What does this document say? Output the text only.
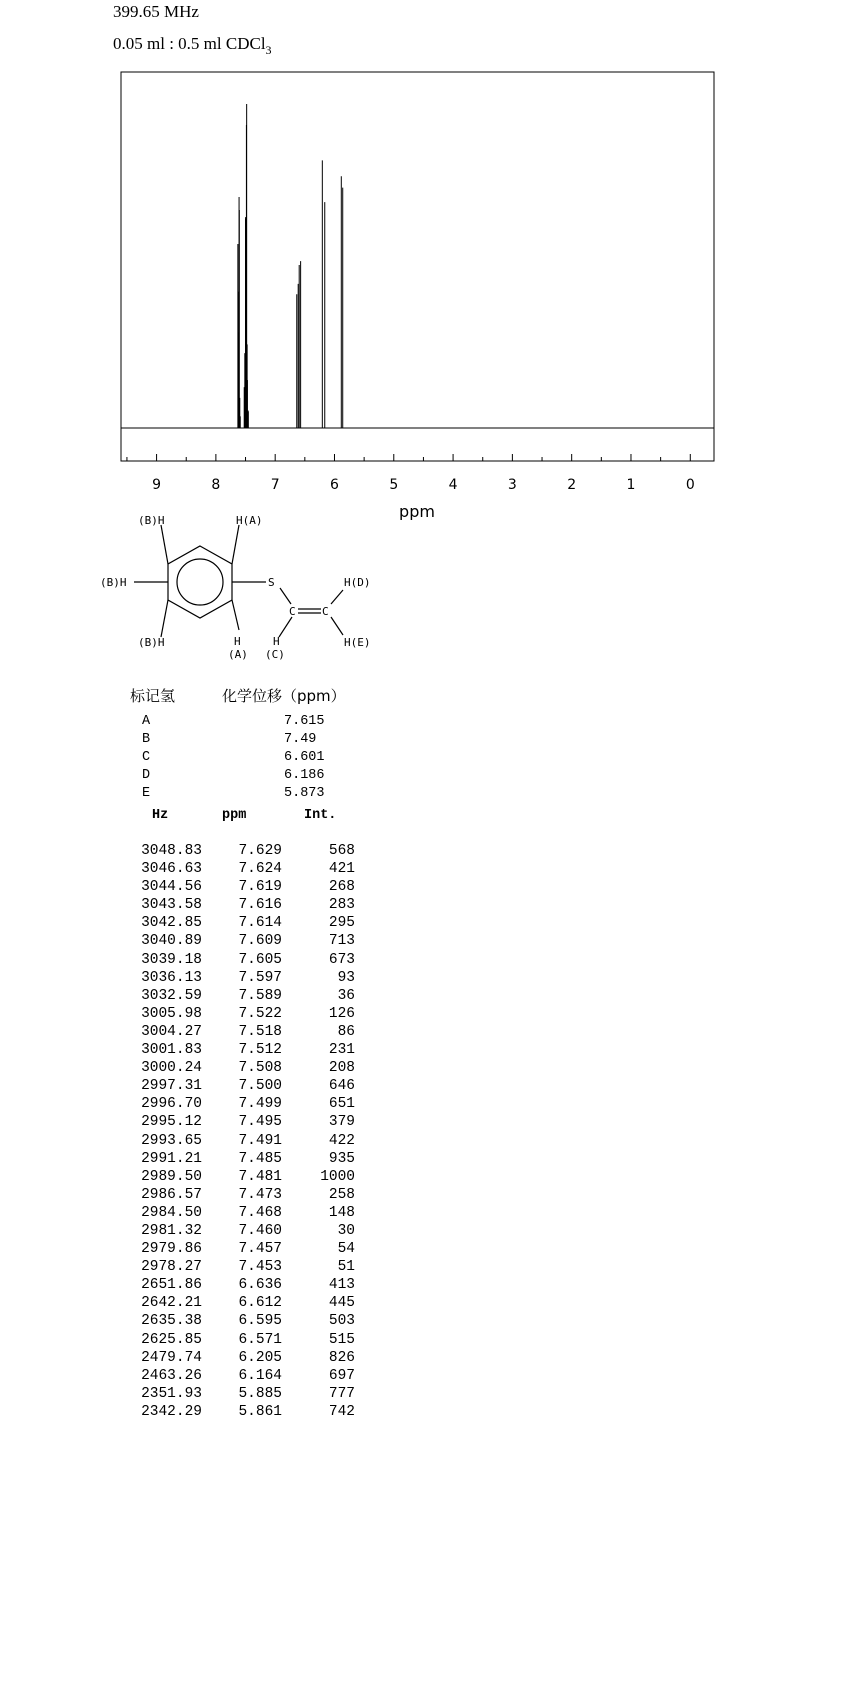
399.65 MHz
0.05 ml : 0.5 ml CDCl$_3$
9	8	7	6	5	4	3	2	1	0
ppm
(B)H	H(A)
(B)H	S	H(D)
C C
(B)H	H
(A)
H
(C)
H(E)
标记氢	化学位移（ppm）
A	7.615
B	7.49
C	6.601
D	6.186
E	5.873
Hz	ppm	Int.
3048.83	7.629	568
3046.63	7.624	421
3044.56	7.619	268
3043.58	7.616	283
3042.85	7.614	295
3040.89	7.609	713
3039.18	7.605	673
3036.13	7.597	93
3032.59	7.589	36
3005.98	7.522	126
3004.27	7.518	86
3001.83	7.512	231
3000.24	7.508	208
2997.31	7.500	646
2996.70	7.499	651
2995.12	7.495	379
2993.65	7.491	422
2991.21	7.485	935
2989.50	7.481	1000
2986.57	7.473	258
2984.50	7.468	148
2981.32	7.460	30
2979.86	7.457	54
2978.27	7.453	51
2651.86	6.636	413
2642.21	6.612	445
2635.38	6.595	503
2625.85	6.571	515
2479.74	6.205	826
2463.26	6.164	697
2351.93	5.885	777
2342.29	5.861	742
